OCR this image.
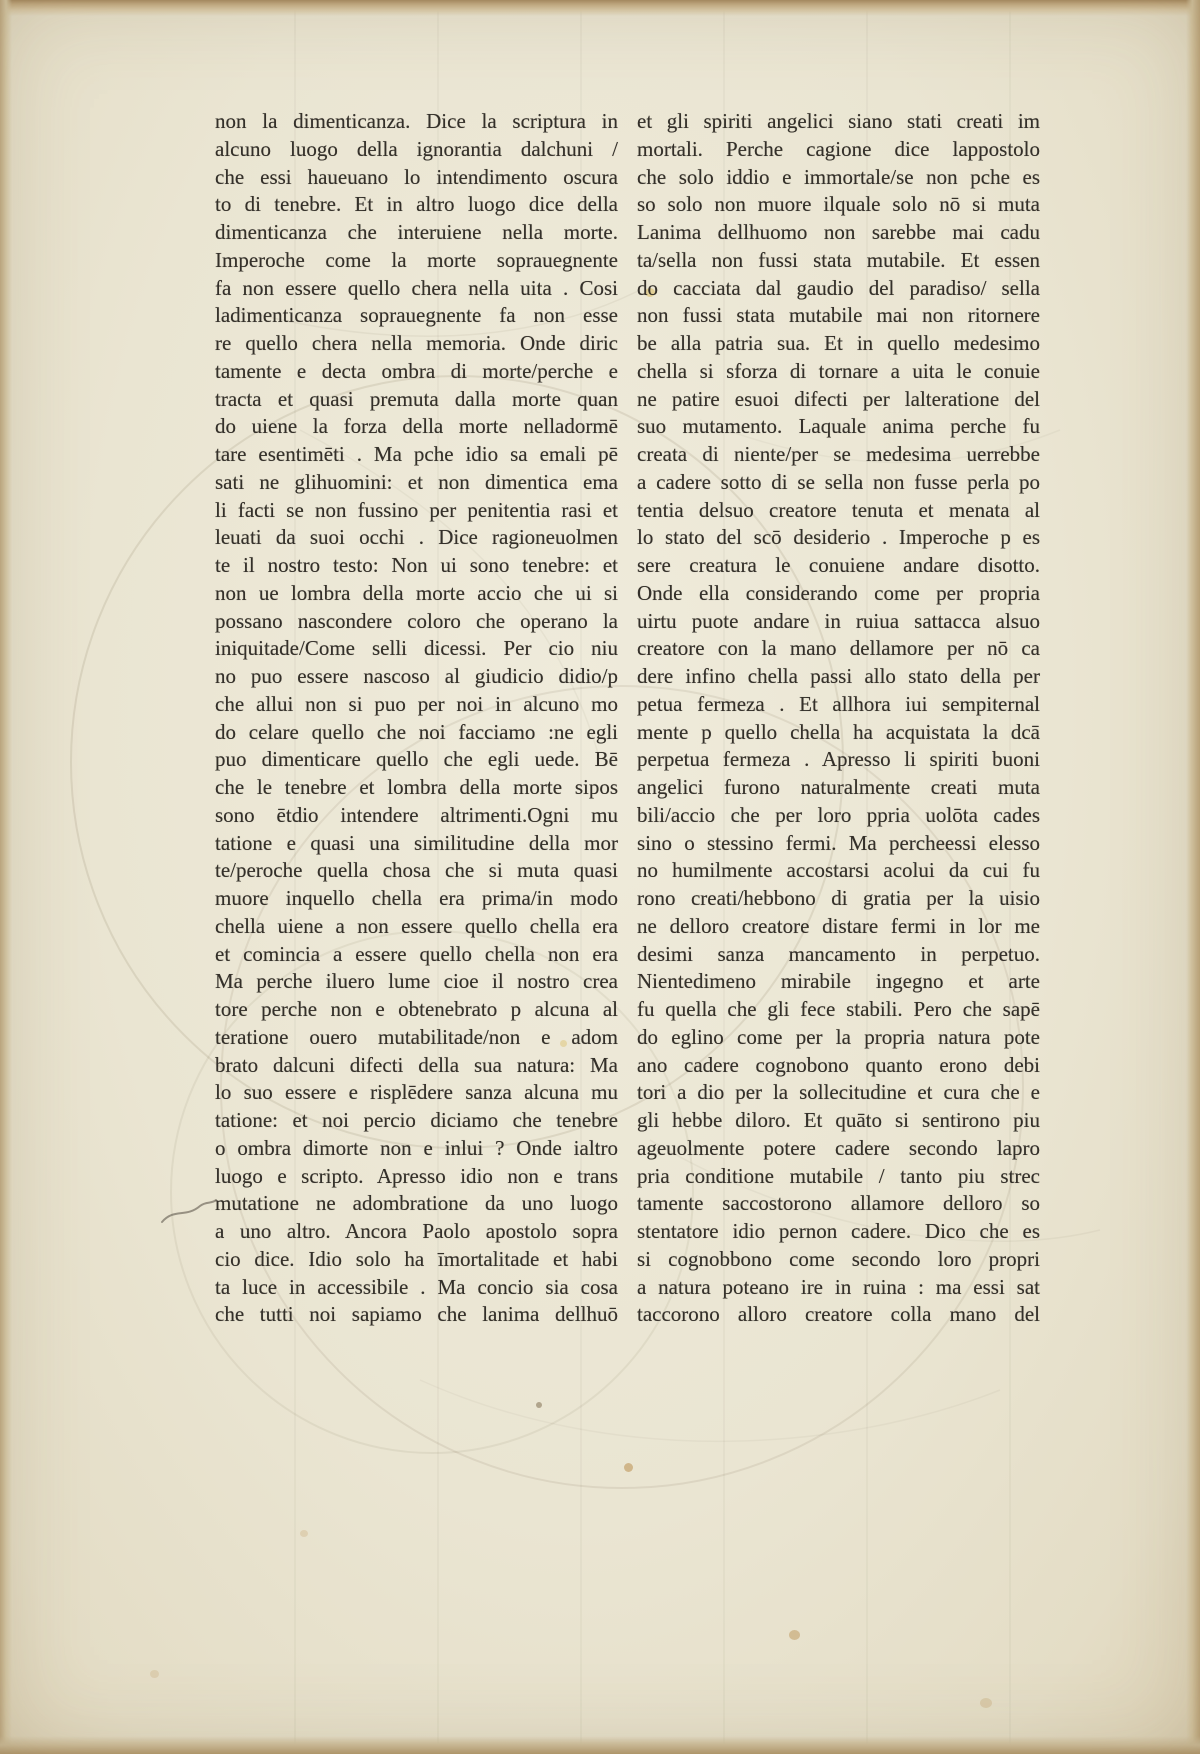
non la dimenticanza. Dice la scriptura in
alcuno luogo della ignorantia dalchuni /
che essi haueuano lo intendimento oscura
to di tenebre. Et in altro luogo dice della
dimenticanza che interuiene nella morte.
Imperoche come la morte soprauegnente
fa non essere quello chera nella uita . Cosi
ladimenticanza soprauegnente fa non esse
re quello chera nella memoria. Onde diric
tamente e decta ombra di morte/perche e
tracta et quasi premuta dalla morte quan
do uiene la forza della morte nelladormē
tare esentimēti . Ma pche idio sa emali pē
sati ne glihuomini: et non dimentica ema
li facti se non fussino per penitentia rasi et
leuati da suoi occhi . Dice ragioneuolmen
te il nostro testo: Non ui sono tenebre: et
non ue lombra della morte accio che ui si
possano nascondere coloro che operano la
iniquitade/Come selli dicessi. Per cio niu
no puo essere nascoso al giudicio didio/p
che allui non si puo per noi in alcuno mo
do celare quello che noi facciamo :ne egli
puo dimenticare quello che egli uede. Bē
che le tenebre et lombra della morte sipos
sono ētdio intendere altrimenti.Ogni mu
tatione e quasi una similitudine della mor
te/peroche quella chosa che si muta quasi
muore inquello chella era prima/in modo
chella uiene a non essere quello chella era
et comincia a essere quello chella non era
Ma perche iluero lume cioe il nostro crea
tore perche non e obtenebrato p alcuna al
teratione ouero mutabilitade/non e adom
brato dalcuni difecti della sua natura: Ma
lo suo essere e risplēdere sanza alcuna mu
tatione: et noi percio diciamo che tenebre
o ombra dimorte non e inlui ? Onde ialtro
luogo e scripto. Apresso idio non e trans
mutatione ne adombratione da uno luogo
a uno altro. Ancora Paolo apostolo sopra
cio dice. Idio solo ha īmortalitade et habi
ta luce in accessibile . Ma concio sia cosa
che tutti noi sapiamo che lanima dellhuō
et gli spiriti angelici siano stati creati im
mortali. Perche cagione dice lappostolo
che solo iddio e immortale/se non pche es
so solo non muore ilquale solo nō si muta
Lanima dellhuomo non sarebbe mai cadu
ta/sella non fussi stata mutabile. Et essen
do cacciata dal gaudio del paradiso/ sella
non fussi stata mutabile mai non ritornere
be alla patria sua. Et in quello medesimo
chella si sforza di tornare a uita le conuie
ne patire esuoi difecti per lalteratione del
suo mutamento. Laquale anima perche fu
creata di niente/per se medesima uerrebbe
a cadere sotto di se sella non fusse perla po
tentia delsuo creatore tenuta et menata al
lo stato del scō desiderio . Imperoche p es
sere creatura le conuiene andare disotto.
Onde ella considerando come per propria
uirtu puote andare in ruiua sattacca alsuo
creatore con la mano dellamore per nō ca
dere infino chella passi allo stato della per
petua fermeza . Et allhora iui sempiternal
mente p quello chella ha acquistata la dcā
perpetua fermeza . Apresso li spiriti buoni
angelici furono naturalmente creati muta
bili/accio che per loro ppria uolōta cades
sino o stessino fermi. Ma percheessi elesso
no humilmente accostarsi acolui da cui fu
rono creati/hebbono di gratia per la uisio
ne delloro creatore distare fermi in lor me
desimi sanza mancamento in perpetuo.
Nientedimeno mirabile ingegno et arte
fu quella che gli fece stabili. Pero che sapē
do eglino come per la propria natura pote
ano cadere cognobono quanto erono debi
tori a dio per la sollecitudine et cura che e
gli hebbe diloro. Et quāto si sentirono piu
ageuolmente potere cadere secondo lapro
pria conditione mutabile / tanto piu strec
tamente saccostorono allamore delloro so
stentatore idio pernon cadere. Dico che es
si cognobbono come secondo loro propri
a natura poteano ire in ruina : ma essi sat
taccorono alloro creatore colla mano del
